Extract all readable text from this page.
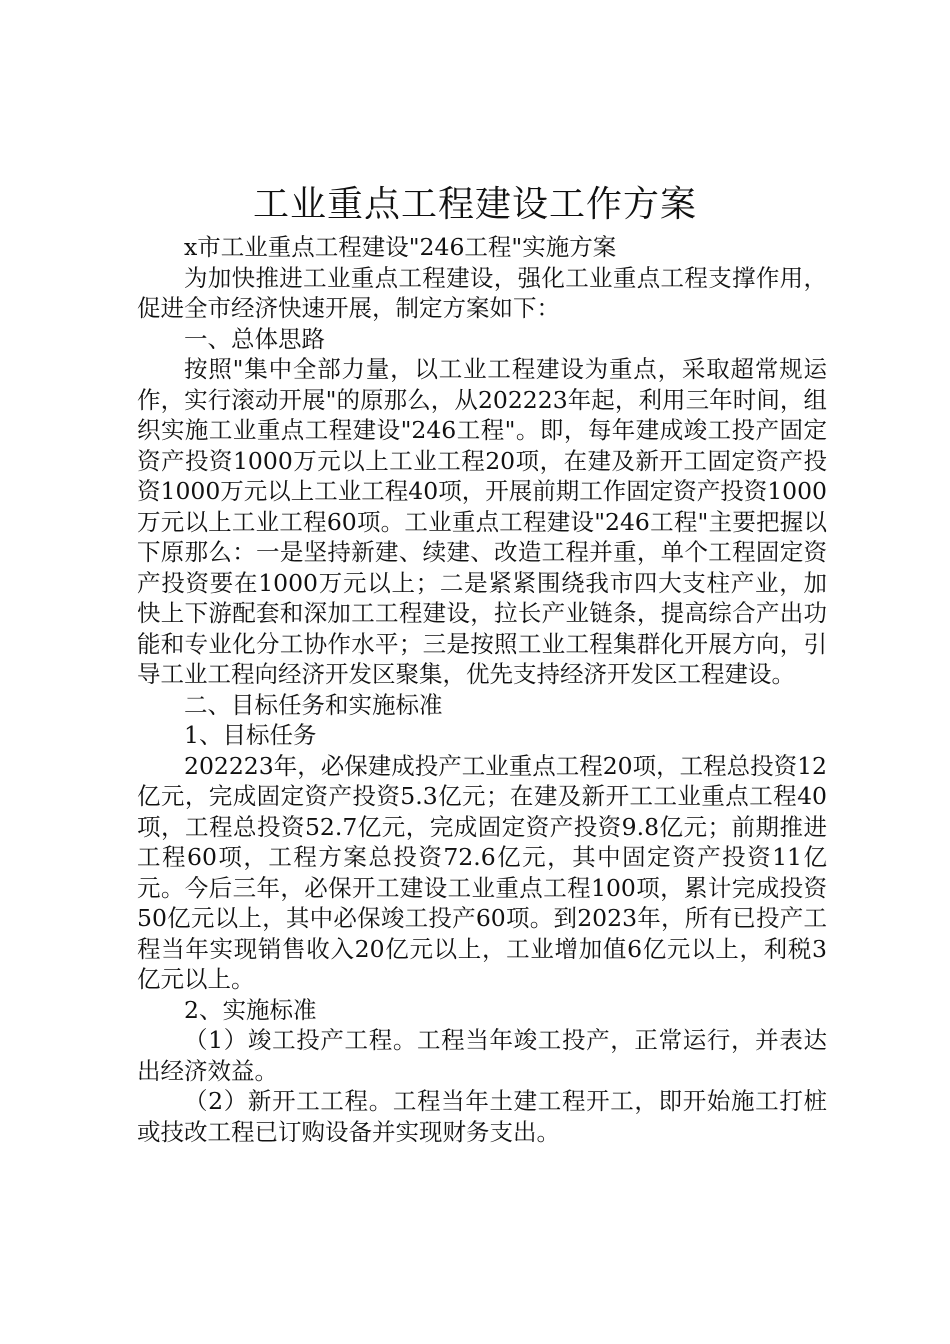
工业重点工程建设工作方案

x市工业重点工程建设"246工程"实施方案

为加快推进工业重点工程建设，强化工业重点工程支撑作用，促进全市经济快速开展，制定方案如下：

一、总体思路

按照"集中全部力量，以工业工程建设为重点，采取超常规运作，实行滚动开展"的原那么，从202223年起，利用三年时间，组织实施工业重点工程建设"246工程"。即，每年建成竣工投产固定资产投资1000万元以上工业工程20项，在建及新开工固定资产投资1000万元以上工业工程40项，开展前期工作固定资产投资1000万元以上工业工程60项。工业重点工程建设"246工程"主要把握以下原那么：一是坚持新建、续建、改造工程并重，单个工程固定资产投资要在1000万元以上；二是紧紧围绕我市四大支柱产业，加快上下游配套和深加工工程建设，拉长产业链条，提高综合产出功能和专业化分工协作水平；三是按照工业工程集群化开展方向，引导工业工程向经济开发区聚集，优先支持经济开发区工程建设。

二、目标任务和实施标准

1、目标任务

202223年，必保建成投产工业重点工程20项，工程总投资12亿元，完成固定资产投资5.3亿元；在建及新开工工业重点工程40项，工程总投资52.7亿元，完成固定资产投资9.8亿元；前期推进工程60项，工程方案总投资72.6亿元，其中固定资产投资11亿元。今后三年，必保开工建设工业重点工程100项，累计完成投资50亿元以上，其中必保竣工投产60项。到2023年，所有已投产工程当年实现销售收入20亿元以上，工业增加值6亿元以上，利税3亿元以上。

2、实施标准

（1）竣工投产工程。工程当年竣工投产，正常运行，并表达出经济效益。

（2）新开工工程。工程当年土建工程开工，即开始施工打桩或技改工程已订购设备并实现财务支出。
